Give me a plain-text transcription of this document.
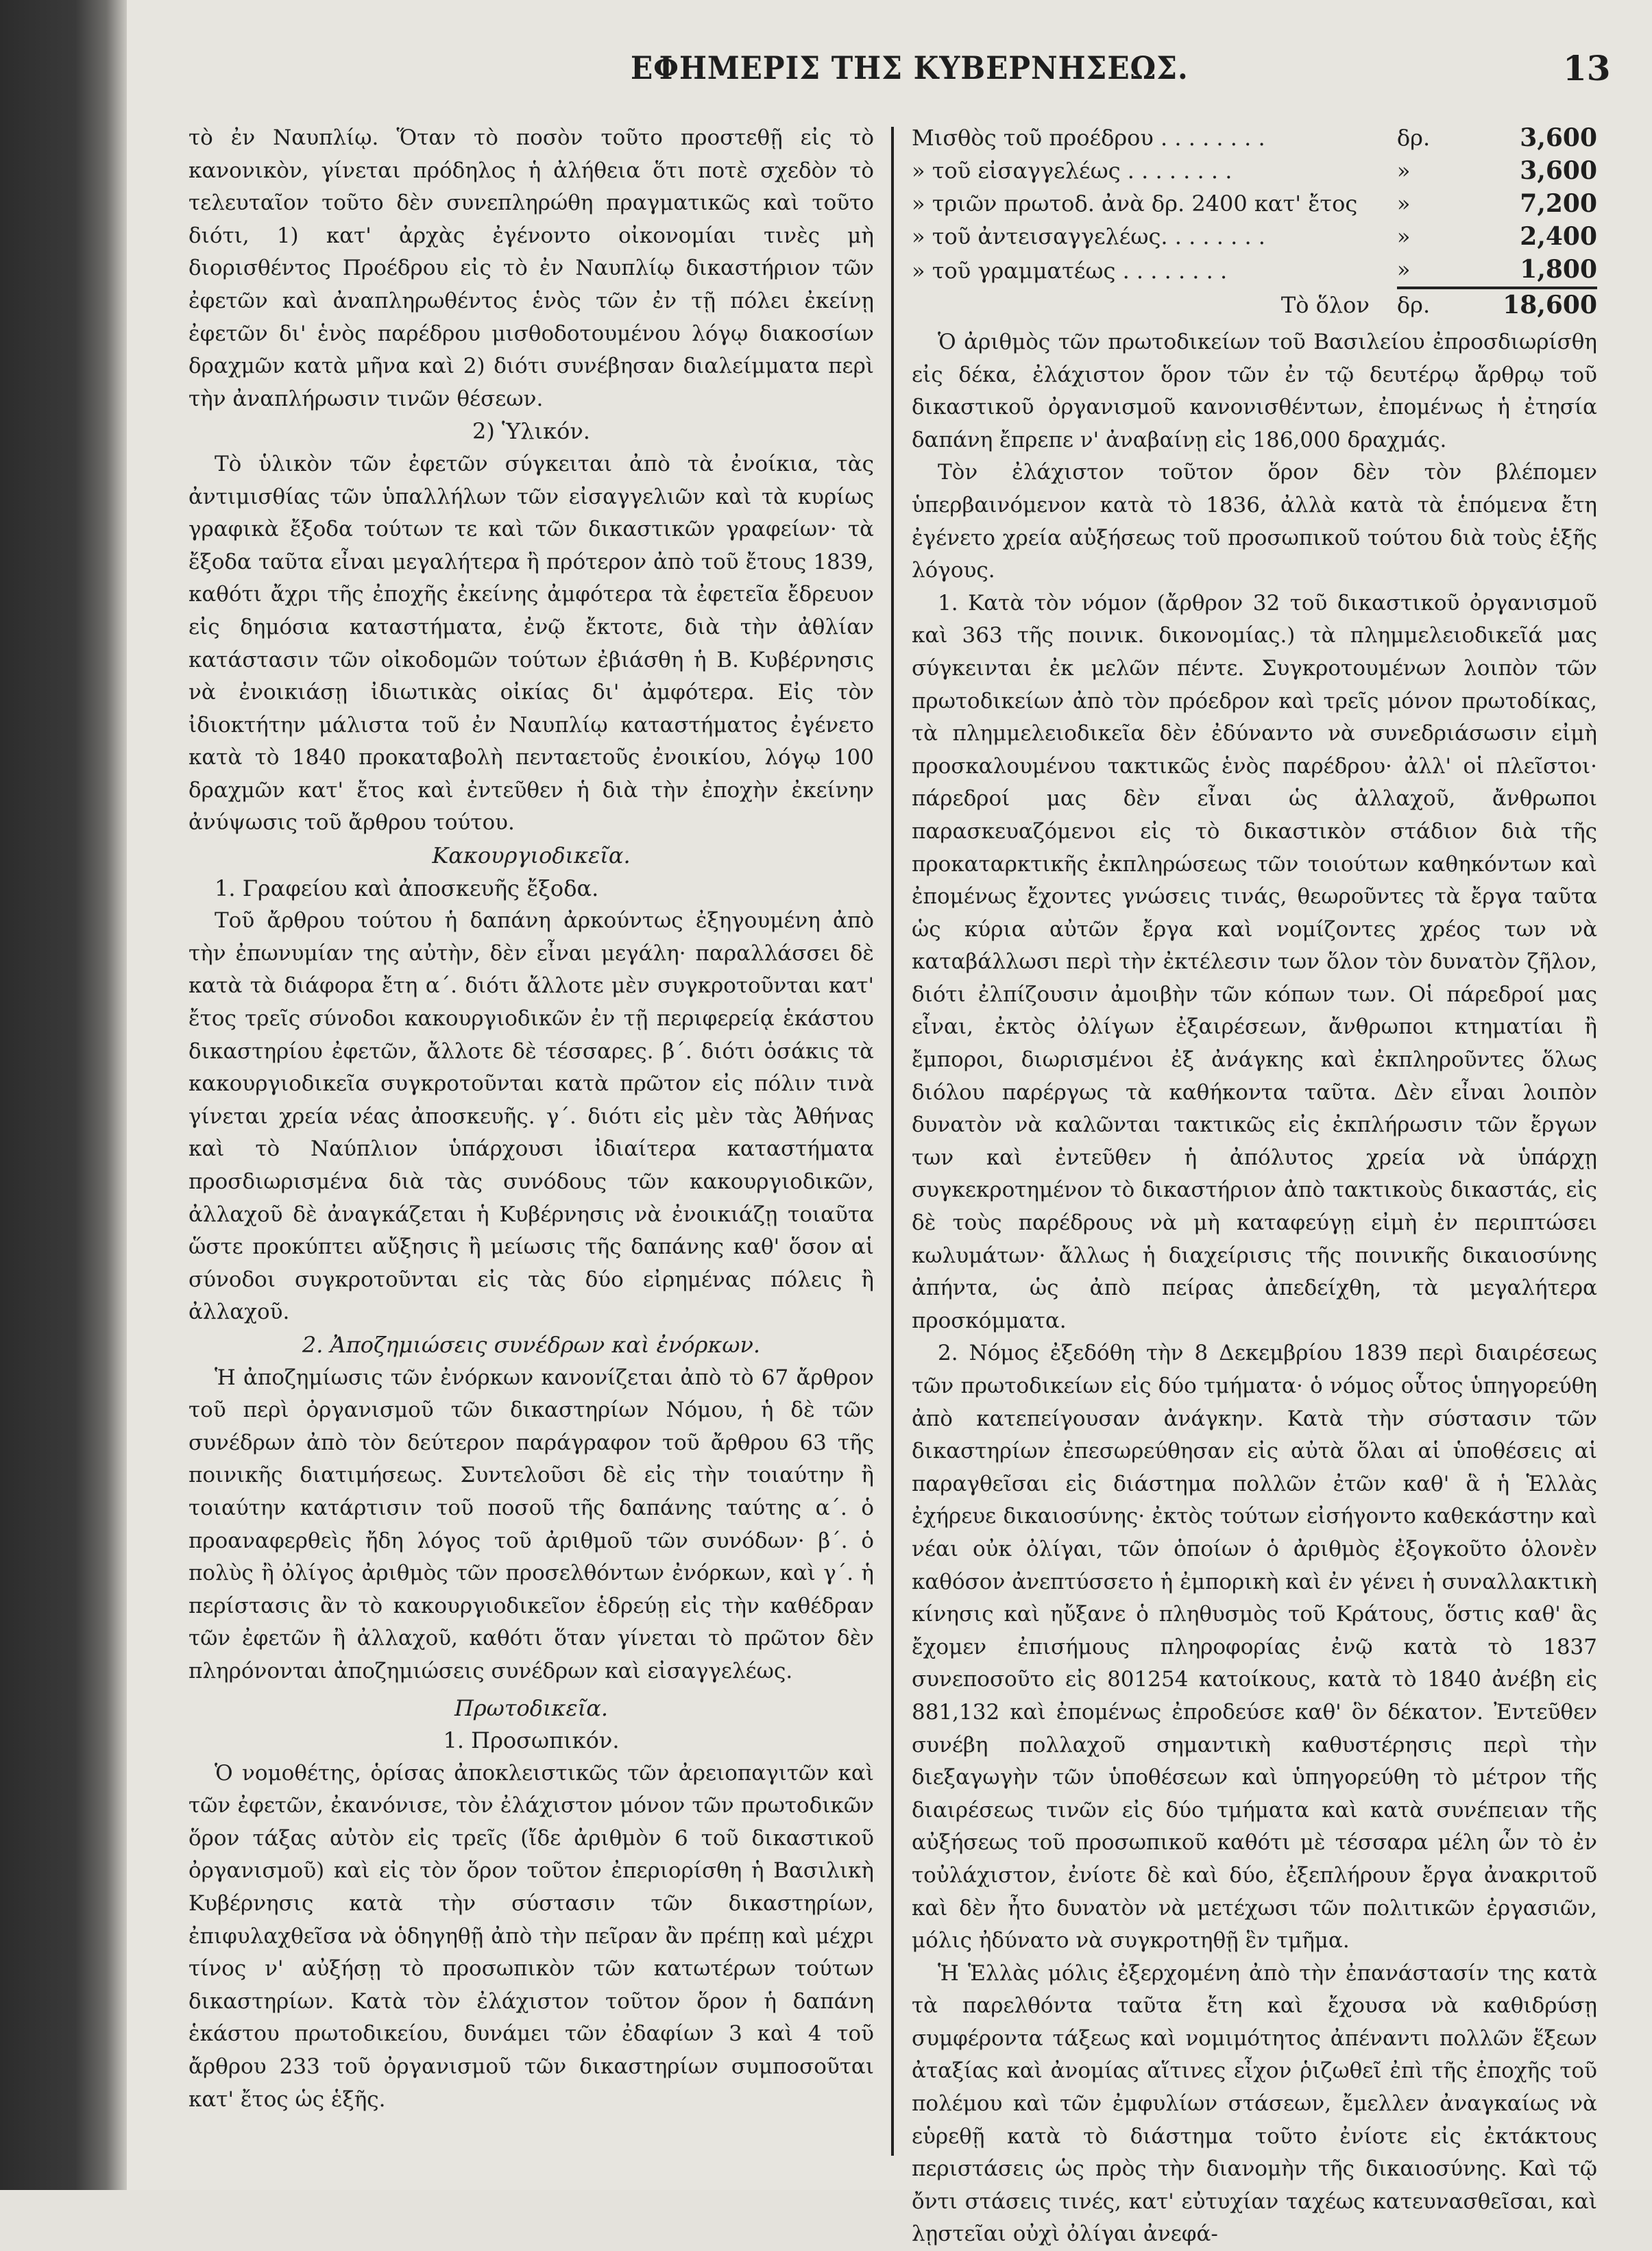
ΕΦΗΜΕΡΙΣ ΤΗΣ ΚΥΒΕΡΝΗΣΕΩΣ.	13

τὸ ἐν Ναυπλίῳ. Ὅταν τὸ ποσὸν τοῦτο προστεθῇ εἰς τὸ κανονικὸν, γίνεται πρόδηλος ἡ ἀλήθεια ὅτι ποτὲ σχεδὸν τὸ τελευταῖον τοῦτο δὲν συνεπληρώθη πραγματικῶς καὶ τοῦτο διότι, 1) κατ' ἀρχὰς ἐγένοντο οἰκονομίαι τινὲς μὴ διορισθέντος Προέδρου εἰς τὸ ἐν Ναυπλίῳ δικαστήριον τῶν ἐφετῶν καὶ ἀναπληρωθέντος ἑνὸς τῶν ἐν τῇ πόλει ἐκείνῃ ἐφετῶν δι' ἑνὸς παρέδρου μισθοδοτουμένου λόγῳ διακοσίων δραχμῶν κατὰ μῆνα καὶ 2) διότι συνέβησαν διαλείμματα περὶ τὴν ἀναπλήρωσιν τινῶν θέσεων.

2) Ὑλικόν.

Τὸ ὑλικὸν τῶν ἐφετῶν σύγκειται ἀπὸ τὰ ἐνοίκια, τὰς ἀντιμισθίας τῶν ὑπαλλήλων τῶν εἰσαγγελιῶν καὶ τὰ κυρίως γραφικὰ ἔξοδα τούτων τε καὶ τῶν δικαστικῶν γραφείων· τὰ ἔξοδα ταῦτα εἶναι μεγαλήτερα ἢ πρότερον ἀπὸ τοῦ ἔτους 1839, καθότι ἄχρι τῆς ἐποχῆς ἐκείνης ἀμφότερα τὰ ἐφετεῖα ἔδρευον εἰς δημόσια καταστήματα, ἐνῷ ἔκτοτε, διὰ τὴν ἀθλίαν κατάστασιν τῶν οἰκοδομῶν τούτων ἐβιάσθη ἡ Β. Κυβέρνησις νὰ ἐνοικιάσῃ ἰδιωτικὰς οἰκίας δι' ἀμφότερα. Εἰς τὸν ἰδιοκτήτην μάλιστα τοῦ ἐν Ναυπλίῳ καταστήματος ἐγένετο κατὰ τὸ 1840 προκαταβολὴ πενταετοῦς ἐνοικίου, λόγῳ 100 δραχμῶν κατ' ἔτος καὶ ἐντεῦθεν ἡ διὰ τὴν ἐποχὴν ἐκείνην ἀνύψωσις τοῦ ἄρθρου τούτου.

Κακουργιοδικεῖα.

1. Γραφείου καὶ ἀποσκευῆς ἔξοδα.

Τοῦ ἄρθρου τούτου ἡ δαπάνη ἀρκούντως ἐξηγουμένη ἀπὸ τὴν ἐπωνυμίαν της αὐτὴν, δὲν εἶναι μεγάλη· παραλλάσσει δὲ κατὰ τὰ διάφορα ἔτη α΄. διότι ἄλλοτε μὲν συγκροτοῦνται κατ' ἔτος τρεῖς σύνοδοι κακουργιοδικῶν ἐν τῇ περιφερείᾳ ἑκάστου δικαστηρίου ἐφετῶν, ἄλλοτε δὲ τέσσαρες. β΄. διότι ὁσάκις τὰ κακουργιοδικεῖα συγκροτοῦνται κατὰ πρῶτον εἰς πόλιν τινὰ γίνεται χρεία νέας ἀποσκευῆς. γ΄. διότι εἰς μὲν τὰς Ἀθήνας καὶ τὸ Ναύπλιον ὑπάρχουσι ἰδιαίτερα καταστήματα προσδιωρισμένα διὰ τὰς συνόδους τῶν κακουργιοδικῶν, ἀλλαχοῦ δὲ ἀναγκάζεται ἡ Κυβέρνησις νὰ ἐνοικιάζῃ τοιαῦτα ὥστε προκύπτει αὔξησις ἢ μείωσις τῆς δαπάνης καθ' ὅσον αἱ σύνοδοι συγκροτοῦνται εἰς τὰς δύο εἰρημένας πόλεις ἢ ἀλλαχοῦ.

2. Ἀποζημιώσεις συνέδρων καὶ ἐνόρκων.

Ἡ ἀποζημίωσις τῶν ἐνόρκων κανονίζεται ἀπὸ τὸ 67 ἄρθρον τοῦ περὶ ὀργανισμοῦ τῶν δικαστηρίων Νόμου, ἡ δὲ τῶν συνέδρων ἀπὸ τὸν δεύτερον παράγραφον τοῦ ἄρθρου 63 τῆς ποινικῆς διατιμήσεως. Συντελοῦσι δὲ εἰς τὴν τοιαύτην ἢ τοιαύτην κατάρτισιν τοῦ ποσοῦ τῆς δαπάνης ταύτης α΄. ὁ προαναφερθεὶς ἤδη λόγος τοῦ ἀριθμοῦ τῶν συνόδων· β΄. ὁ πολὺς ἢ ὀλίγος ἀριθμὸς τῶν προσελθόντων ἐνόρκων, καὶ γ΄. ἡ περίστασις ἂν τὸ κακουργιοδικεῖον ἑδρεύῃ εἰς τὴν καθέδραν τῶν ἐφετῶν ἢ ἀλλαχοῦ, καθότι ὅταν γίνεται τὸ πρῶτον δὲν πληρόνονται ἀποζημιώσεις συνέδρων καὶ εἰσαγγελέως.

Πρωτοδικεῖα.

1. Προσωπικόν.

Ὁ νομοθέτης, ὁρίσας ἀποκλειστικῶς τῶν ἀρειοπαγιτῶν καὶ τῶν ἐφετῶν, ἐκανόνισε, τὸν ἐλάχιστον μόνον τῶν πρωτοδικῶν ὅρον τάξας αὐτὸν εἰς τρεῖς (ἴδε ἀριθμὸν 6 τοῦ δικαστικοῦ ὀργανισμοῦ) καὶ εἰς τὸν ὅρον τοῦτον ἐπεριορίσθη ἡ Βασιλικὴ Κυβέρνησις κατὰ τὴν σύστασιν τῶν δικαστηρίων, ἐπιφυλαχθεῖσα νὰ ὁδηγηθῇ ἀπὸ τὴν πεῖραν ἂν πρέπῃ καὶ μέχρι τίνος ν' αὐξήσῃ τὸ προσωπικὸν τῶν κατωτέρων τούτων δικαστηρίων. Κατὰ τὸν ἐλάχιστον τοῦτον ὅρον ἡ δαπάνη ἑκάστου πρωτοδικείου, δυνάμει τῶν ἐδαφίων 3 καὶ 4 τοῦ ἄρθρου 233 τοῦ ὀργανισμοῦ τῶν δικαστηρίων συμποσοῦται κατ' ἔτος ὡς ἑξῆς.

Μισθὸς τοῦ προέδρου . . . . . . . .	δρ.	3,600
» τοῦ εἰσαγγελέως . . . . . . . .	»	3,600
» τριῶν πρωτοδ. ἀνὰ δρ. 2400 κατ' ἔτος	»	7,200
» τοῦ ἀντεισαγγελέως. . . . . . . .	»	2,400
» τοῦ γραμματέως . . . . . . . .	»	1,800
Τὸ ὅλον	δρ.	18,600

Ὁ ἀριθμὸς τῶν πρωτοδικείων τοῦ Βασιλείου ἐπροσδιωρίσθη εἰς δέκα, ἐλάχιστον ὅρον τῶν ἐν τῷ δευτέρῳ ἄρθρῳ τοῦ δικαστικοῦ ὀργανισμοῦ κανονισθέντων, ἐπομένως ἡ ἐτησία δαπάνη ἔπρεπε ν' ἀναβαίνῃ εἰς 186,000 δραχμάς.

Τὸν ἐλάχιστον τοῦτον ὅρον δὲν τὸν βλέπομεν ὑπερβαινόμενον κατὰ τὸ 1836, ἀλλὰ κατὰ τὰ ἑπόμενα ἔτη ἐγένετο χρεία αὐξήσεως τοῦ προσωπικοῦ τούτου διὰ τοὺς ἑξῆς λόγους.

1. Κατὰ τὸν νόμον (ἄρθρον 32 τοῦ δικαστικοῦ ὀργανισμοῦ καὶ 363 τῆς ποινικ. δικονομίας.) τὰ πλημμελειοδικεῖά μας σύγκεινται ἐκ μελῶν πέντε. Συγκροτουμένων λοιπὸν τῶν πρωτοδικείων ἀπὸ τὸν πρόεδρον καὶ τρεῖς μόνον πρωτοδίκας, τὰ πλημμελειοδικεῖα δὲν ἐδύναντο νὰ συνεδριάσωσιν εἰμὴ προσκαλουμένου τακτικῶς ἑνὸς παρέδρου· ἀλλ' οἱ πλεῖστοι· πάρεδροί μας δὲν εἶναι ὡς ἀλλαχοῦ, ἄνθρωποι παρασκευαζόμενοι εἰς τὸ δικαστικὸν στάδιον διὰ τῆς προκαταρκτικῆς ἐκπληρώσεως τῶν τοιούτων καθηκόντων καὶ ἐπομένως ἔχοντες γνώσεις τινάς, θεωροῦντες τὰ ἔργα ταῦτα ὡς κύρια αὐτῶν ἔργα καὶ νομίζοντες χρέος των νὰ καταβάλλωσι περὶ τὴν ἐκτέλεσιν των ὅλον τὸν δυνατὸν ζῆλον, διότι ἐλπίζουσιν ἀμοιβὴν τῶν κόπων των. Οἱ πάρεδροί μας εἶναι, ἐκτὸς ὀλίγων ἐξαιρέσεων, ἄνθρωποι κτηματίαι ἢ ἔμποροι, διωρισμένοι ἐξ ἀνάγκης καὶ ἐκπληροῦντες ὅλως διόλου παρέργως τὰ καθήκοντα ταῦτα. Δὲν εἶναι λοιπὸν δυνατὸν νὰ καλῶνται τακτικῶς εἰς ἐκπλήρωσιν τῶν ἔργων των καὶ ἐντεῦθεν ἡ ἀπόλυτος χρεία νὰ ὑπάρχῃ συγκεκροτημένον τὸ δικαστήριον ἀπὸ τακτικοὺς δικαστάς, εἰς δὲ τοὺς παρέδρους νὰ μὴ καταφεύγῃ εἰμὴ ἐν περιπτώσει κωλυμάτων· ἄλλως ἡ διαχείρισις τῆς ποινικῆς δικαιοσύνης ἀπήντα, ὡς ἀπὸ πείρας ἀπεδείχθη, τὰ μεγαλήτερα προσκόμματα.

2. Νόμος ἐξεδόθη τὴν 8 Δεκεμβρίου 1839 περὶ διαιρέσεως τῶν πρωτοδικείων εἰς δύο τμήματα· ὁ νόμος οὗτος ὑπηγορεύθη ἀπὸ κατεπείγουσαν ἀνάγκην. Κατὰ τὴν σύστασιν τῶν δικαστηρίων ἐπεσωρεύθησαν εἰς αὐτὰ ὅλαι αἱ ὑποθέσεις αἱ παραγθεῖσαι εἰς διάστημα πολλῶν ἐτῶν καθ' ἃ ἡ Ἑλλὰς ἐχήρευε δικαιοσύνης· ἐκτὸς τούτων εἰσήγοντο καθεκάστην καὶ νέαι οὐκ ὀλίγαι, τῶν ὁποίων ὁ ἀριθμὸς ἐξογκοῦτο ὁλονὲν καθόσον ἀνεπτύσσετο ἡ ἐμπορικὴ καὶ ἐν γένει ἡ συναλλακτικὴ κίνησις καὶ ηὔξανε ὁ πληθυσμὸς τοῦ Κράτους, ὅστις καθ' ἃς ἔχομεν ἐπισήμους πληροφορίας ἐνῷ κατὰ τὸ 1837 συνεποσοῦτο εἰς 801254 κατοίκους, κατὰ τὸ 1840 ἀνέβη εἰς 881,132 καὶ ἐπομένως ἐπροδεύσε καθ' ὃν δέκατον. Ἐντεῦθεν συνέβη πολλαχοῦ σημαντικὴ καθυστέρησις περὶ τὴν διεξαγωγὴν τῶν ὑποθέσεων καὶ ὑπηγορεύθη τὸ μέτρον τῆς διαιρέσεως τινῶν εἰς δύο τμήματα καὶ κατὰ συνέπειαν τῆς αὐξήσεως τοῦ προσωπικοῦ καθότι μὲ τέσσαρα μέλη ὧν τὸ ἐν τοὐλάχιστον, ἐνίοτε δὲ καὶ δύο, ἐξεπλήρουν ἔργα ἀνακριτοῦ καὶ δὲν ἦτο δυνατὸν νὰ μετέχωσι τῶν πολιτικῶν ἐργασιῶν, μόλις ἠδύνατο νὰ συγκροτηθῇ ἓν τμῆμα.

Ἡ Ἑλλὰς μόλις ἐξερχομένη ἀπὸ τὴν ἐπανάστασίν της κατὰ τὰ παρελθόντα ταῦτα ἔτη καὶ ἔχουσα νὰ καθιδρύσῃ συμφέροντα τάξεως καὶ νομιμότητος ἀπέναντι πολλῶν ἕξεων ἀταξίας καὶ ἀνομίας αἵτινες εἶχον ῥιζωθεῖ ἐπὶ τῆς ἐποχῆς τοῦ πολέμου καὶ τῶν ἐμφυλίων στάσεων, ἔμελλεν ἀναγκαίως νὰ εὑρεθῇ κατὰ τὸ διάστημα τοῦτο ἐνίοτε εἰς ἐκτάκτους περιστάσεις ὡς πρὸς τὴν διανομὴν τῆς δικαιοσύνης. Καὶ τῷ ὄντι στάσεις τινές, κατ' εὐτυχίαν ταχέως κατευνασθεῖσαι, καὶ λῃστεῖαι οὐχὶ ὀλίγαι ἀνεφά-
